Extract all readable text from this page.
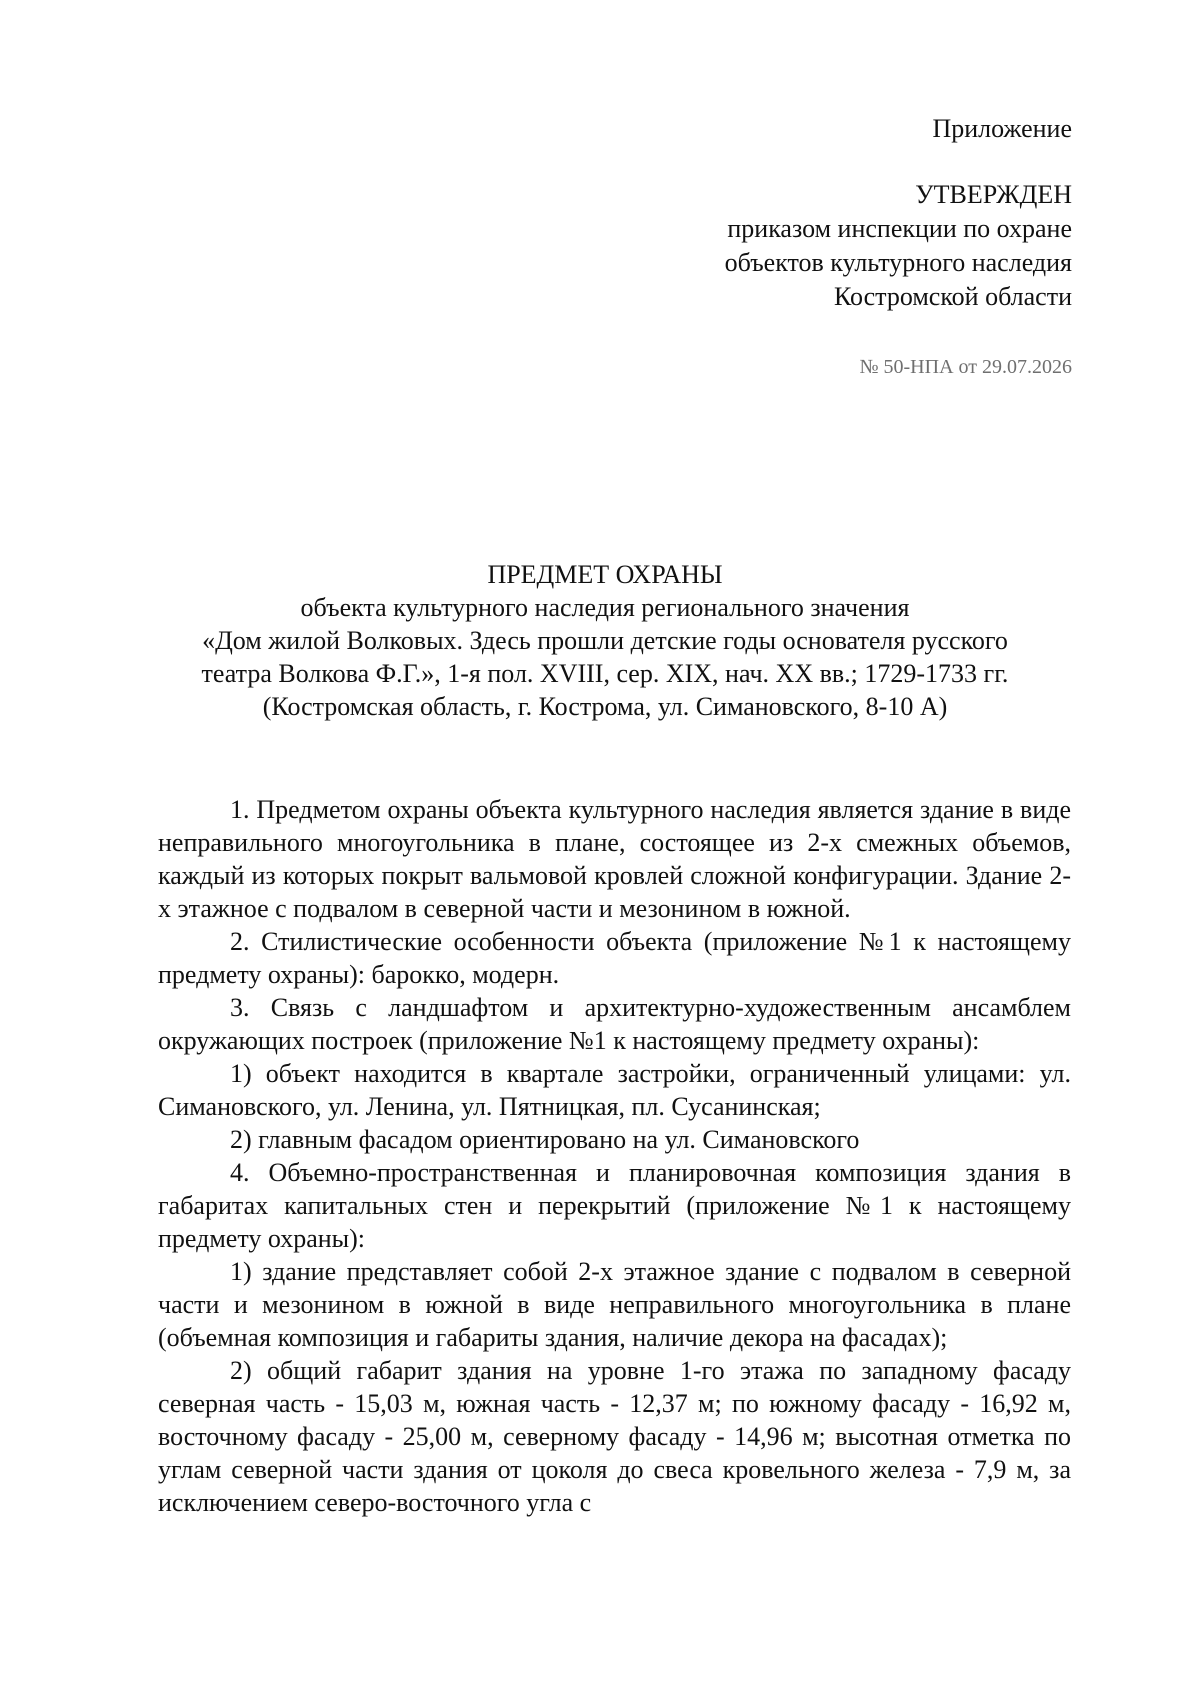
Приложение
УТВЕРЖДЕН
приказом инспекции по охране
объектов культурного наследия
Костромской области
№ 50-НПА от 29.07.2026
ПРЕДМЕТ ОХРАНЫ
объекта культурного наследия регионального значения
«Дом жилой Волковых. Здесь прошли детские годы основателя русского
театра Волкова Ф.Г.», 1-я пол. XVIII, сер. XIX, нач. XX вв.; 1729-1733 гг.
(Костромская область, г. Кострома, ул. Симановского, 8-10 А)

1. Предметом охраны объекта культурного наследия является здание в виде неправильного многоугольника в плане, состоящее из 2-х смежных объемов, каждый из которых покрыт вальмовой кровлей сложной конфигурации. Здание 2-х этажное с подвалом в северной части и мезонином в южной.

2. Стилистические особенности объекта (приложение №1 к настоящему предмету охраны): барокко, модерн.

3. Связь с ландшафтом и архитектурно-художественным ансамблем окружающих построек (приложение №1 к настоящему предмету охраны):

1) объект находится в квартале застройки, ограниченный улицами: ул. Симановского, ул. Ленина, ул. Пятницкая, пл. Сусанинская;

2) главным фасадом ориентировано на ул. Симановского

4. Объемно-пространственная и планировочная композиция здания в габаритах капитальных стен и перекрытий (приложение №1 к настоящему предмету охраны):

1) здание представляет собой 2-х этажное здание с подвалом в северной части и мезонином в южной в виде неправильного многоугольника в плане (объемная композиция и габариты здания, наличие декора на фасадах);

2) общий габарит здания на уровне 1-го этажа по западному фасаду северная часть - 15,03 м, южная часть - 12,37 м; по южному фасаду - 16,92 м, восточному фасаду - 25,00 м, северному фасаду - 14,96 м; высотная отметка по углам северной части здания от цоколя до свеса кровельного железа - 7,9 м, за исключением северо-восточного угла с
